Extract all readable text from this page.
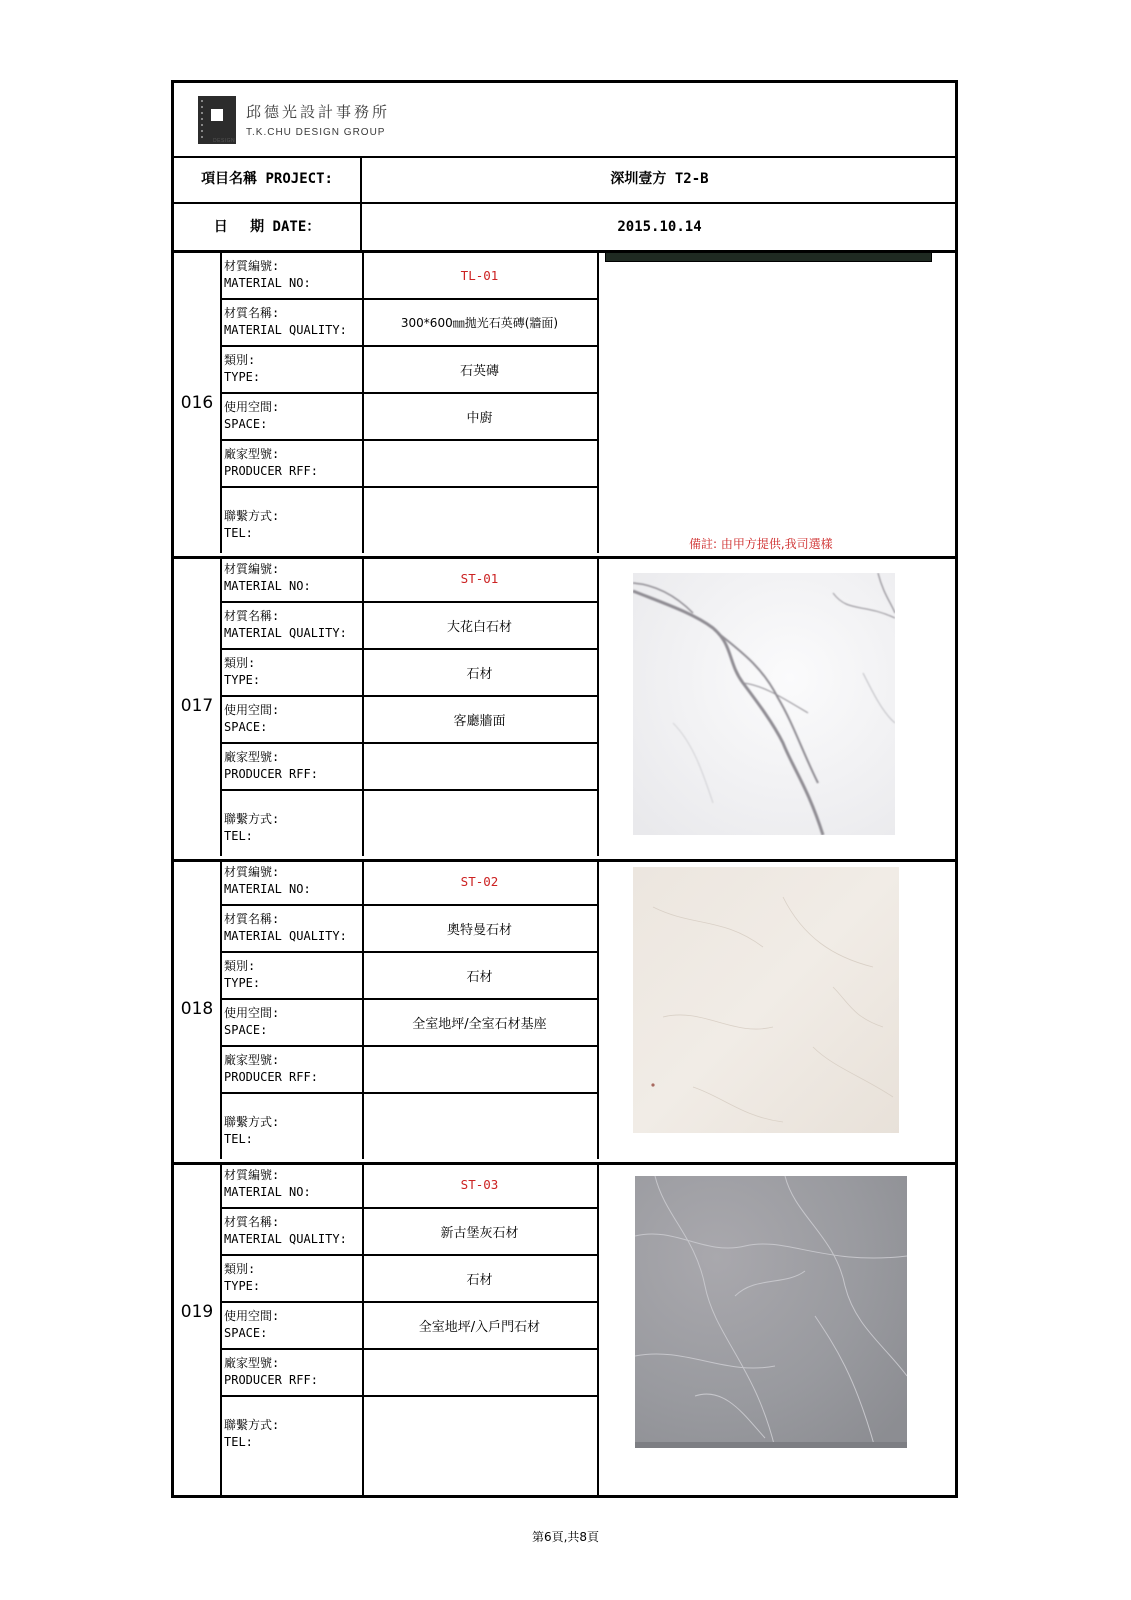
DESIGN
邱德光設計事務所
T.K.CHU DESIGN GROUP
項目名稱 PROJECT:	深圳壹方 T2-B
日　 期 DATE：	2015.10.14
016
材質編號:
MATERIAL NO:
材質名稱:
MATERIAL QUALITY:
類別:
TYPE:
使用空間:
SPACE:
廠家型號:
PRODUCER RFF:
聯繫方式:
TEL:
TL-01
300*600㎜拋光石英磚(牆面)
石英磚
中廚
備註: 由甲方提供,我司選樣
017
材質編號:
MATERIAL NO:
材質名稱:
MATERIAL QUALITY:
類別:
TYPE:
使用空間:
SPACE:
廠家型號:
PRODUCER RFF:
聯繫方式:
TEL:
ST-01
大花白石材
石材
客廳牆面
018
材質編號:
MATERIAL NO:
材質名稱:
MATERIAL QUALITY:
類別:
TYPE:
使用空間:
SPACE:
廠家型號:
PRODUCER RFF:
聯繫方式:
TEL:
ST-02
奧特曼石材
石材
全室地坪/全室石材基座
019
材質編號:
MATERIAL NO:
材質名稱:
MATERIAL QUALITY:
類別:
TYPE:
使用空間:
SPACE:
廠家型號:
PRODUCER RFF:
聯繫方式:
TEL:
ST-03
新古堡灰石材
石材
全室地坪/入戶門石材
第6頁,共8頁
